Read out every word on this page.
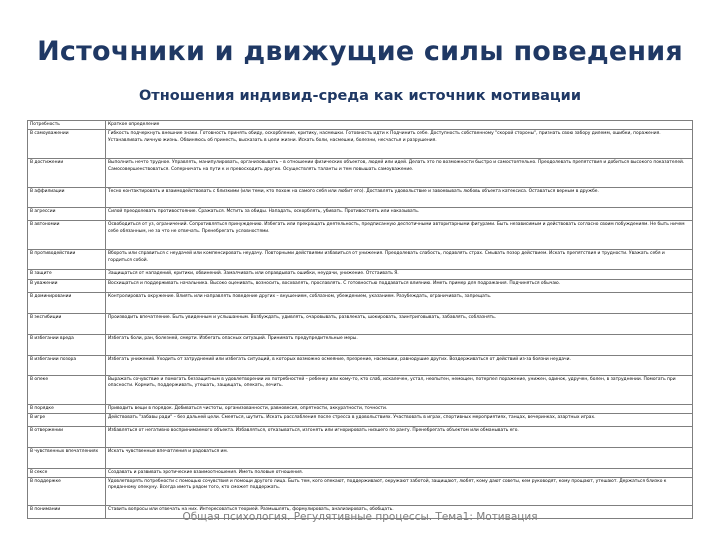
Источники и движущие силы поведения
Отношения индивид-среда как источник мотивации
Потребность	Краткое определение
В самоуважении	Гибкость подчеркнуть внешние знаки. Готовность принять обиду, оскорбление, критику, насмешки. Готовность идти к Подчинить себе. Доступность собственному "скорой стороны", признать свою забору дилемм, ошибки, поражения. Устанавливать личную жизнь. Обвиняюсь об принесть, высказать в цели жизни. Искать боли, насмешки, болезни, несчастья и разрушения.
В достижении	Выполнить нечто трудное. Управлять, манипулировать, организовывать – в отношении физических объектов, людей или идей. Делать это по возможности быстро и самостоятельно. Преодолевать препятствия и добиться высокого показателей. Самосовершенствоваться. Соперничать на пути к и превосходить других. Осуществлять таланты и тем повышать самоуважение.
В аффилиации	Тесно контактировать и взаимодействовать с близкими (или теми, кто похож на самого себя или любит его). Доставлять удовольствие и завоевывать любовь объекта катексиса. Оставаться верным в дружбе.
В агрессии	Силой преодолевать противостояние. Сражаться. Мстить за обиды. Нападать, оскорблять, убивать. Противостоять или наказывать.
В автономии	Освободиться от уз, ограничений. Сопротивляться принуждению. Избегать или прекращать деятельность, предписанную деспотичными авторитарными фигурами. Быть независимым и действовать согласно своим побуждениям. Не быть ничем себе обязанным, не за что не отвечать. Пренебрегать условностями.
В противодействии	Вбороть или справиться с неудачей или компенсировать неудачу. Повторными действиями избавиться от унижения. Преодолевать слабость, подавлять страх. Смывать позор действием. Искать препятствия и трудности. Уважать себя и гордиться собой.
В защите	Защищаться от нападений, критики, обвинений. Замалчивать или оправдывать ошибки, неудачи, унижение. Отстаивать Я.
В уважении	Восхищаться и поддерживать начальника. Высоко оценивать, возносить, восхвалять, прославлять. С готовностью поддаваться влиянию. Иметь пример для подражания. Подчиняться обычаю.
В доминировании	Контролировать окружение. Влиять или направлять поведение других – внушением, соблазном, убеждением, указанием. Разубеждать, ограничивать, запрещать.
В эксгибиции	Производить впечатление. Быть увиденным и услышанным. Возбуждать, удивлять, очаровывать, развлекать, шокировать, заинтриговывать, забавлять, соблазнять.
В избегании вреда	Избегать боли, ран, болезней, смерти. Избегать опасных ситуаций. Принимать предупредительные меры.
В избегании позора	Избегать унижений. Уходить от затруднений или избегать ситуаций, в которых возможно осмеяние, презрение, насмешки, равнодушие других. Воздерживаться от действий из-за боязни неудачи.
В опеке	Выражать сочувствие и помогать беззащитным в удовлетворении их потребностей – ребенку или кому-то, кто слаб, искалечен, устал, неопытен, немощен, потерпел поражение, унижен, одинок, удручен, болен, в затруднении. Помогать при опасности. Кормить, поддерживать, утешать, защищать, опекать, лечить.
В порядке	Приводить вещи в порядок. Добиваться чистоты, организованности, равновесия, опрятности, аккуратности, точности.
В игре	Действовать "забавы ради" – без дальней цели. Смеяться, шутить. Искать расслабления после стресса в удовольствиях. Участвовать в играх, спортивных мероприятиях, танцах, вечеринках, азартных играх.
В отвержении	Избавляться от негативно воспринимаемого объекта. Избавляться, отказываться, изгонять или игнорировать низшего по рангу. Пренебрегать объектом или обманывать его.
В чувственных впечатлениях	Искать чувственные впечатления и радоваться им.
В сексе	Создавать и развивать эротические взаимоотношения. Иметь половые отношения.
В поддержке	Удовлетворять потребности с помощью сочувствия и помощи другого лица. Быть тем, кого опекают, поддерживают, окружают заботой, защищают, любят, кому дают советы, кем руководят, кому прощают, утешают. Держаться близко к преданному опекуну. Всегда иметь рядом того, кто сможет поддержать.
В понимании	Ставить вопросы или отвечать на них. Интересоваться теорией. Размышлять, формулировать, анализировать, обобщать.
Общая психология. Регулятивные процессы. Тема1: Мотивация
